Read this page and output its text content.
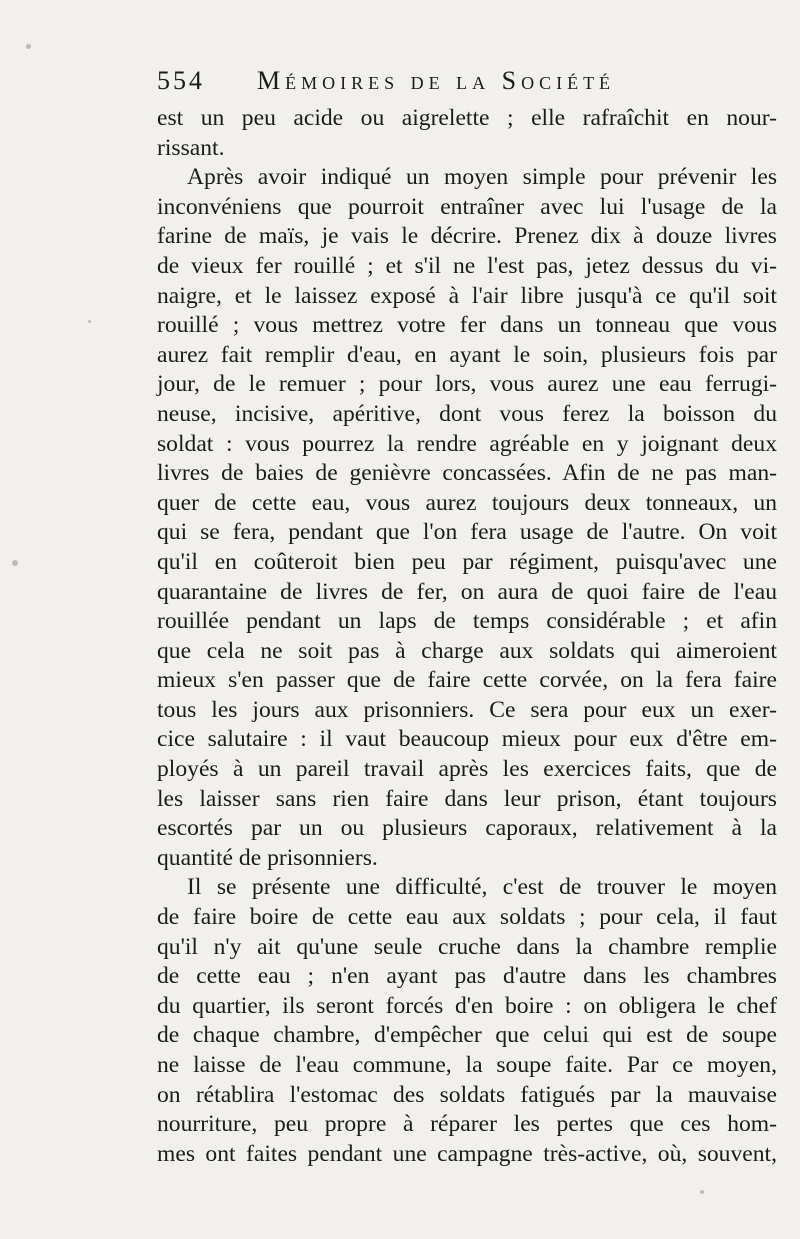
554 Mémoires de la Société
est un peu acide ou aigrelette ; elle rafraîchit en nour-
rissant.
Après avoir indiqué un moyen simple pour prévenir les
inconvéniens que pourroit entraîner avec lui l'usage de la
farine de maïs, je vais le décrire. Prenez dix à douze livres
de vieux fer rouillé ; et s'il ne l'est pas, jetez dessus du vi-
naigre, et le laissez exposé à l'air libre jusqu'à ce qu'il soit
rouillé ; vous mettrez votre fer dans un tonneau que vous
aurez fait remplir d'eau, en ayant le soin, plusieurs fois par
jour, de le remuer ; pour lors, vous aurez une eau ferrugi-
neuse, incisive, apéritive, dont vous ferez la boisson du
soldat : vous pourrez la rendre agréable en y joignant deux
livres de baies de genièvre concassées. Afin de ne pas man-
quer de cette eau, vous aurez toujours deux tonneaux, un
qui se fera, pendant que l'on fera usage de l'autre. On voit
qu'il en coûteroit bien peu par régiment, puisqu'avec une
quarantaine de livres de fer, on aura de quoi faire de l'eau
rouillée pendant un laps de temps considérable ; et afin
que cela ne soit pas à charge aux soldats qui aimeroient
mieux s'en passer que de faire cette corvée, on la fera faire
tous les jours aux prisonniers. Ce sera pour eux un exer-
cice salutaire : il vaut beaucoup mieux pour eux d'être em-
ployés à un pareil travail après les exercices faits, que de
les laisser sans rien faire dans leur prison, étant toujours
escortés par un ou plusieurs caporaux, relativement à la
quantité de prisonniers.
Il se présente une difficulté, c'est de trouver le moyen
de faire boire de cette eau aux soldats ; pour cela, il faut
qu'il n'y ait qu'une seule cruche dans la chambre remplie
de cette eau ; n'en ayant pas d'autre dans les chambres
du quartier, ils seront forcés d'en boire : on obligera le chef
de chaque chambre, d'empêcher que celui qui est de soupe
ne laisse de l'eau commune, la soupe faite. Par ce moyen,
on rétablira l'estomac des soldats fatigués par la mauvaise
nourriture, peu propre à réparer les pertes que ces hom-
mes ont faites pendant une campagne très-active, où, souvent,
